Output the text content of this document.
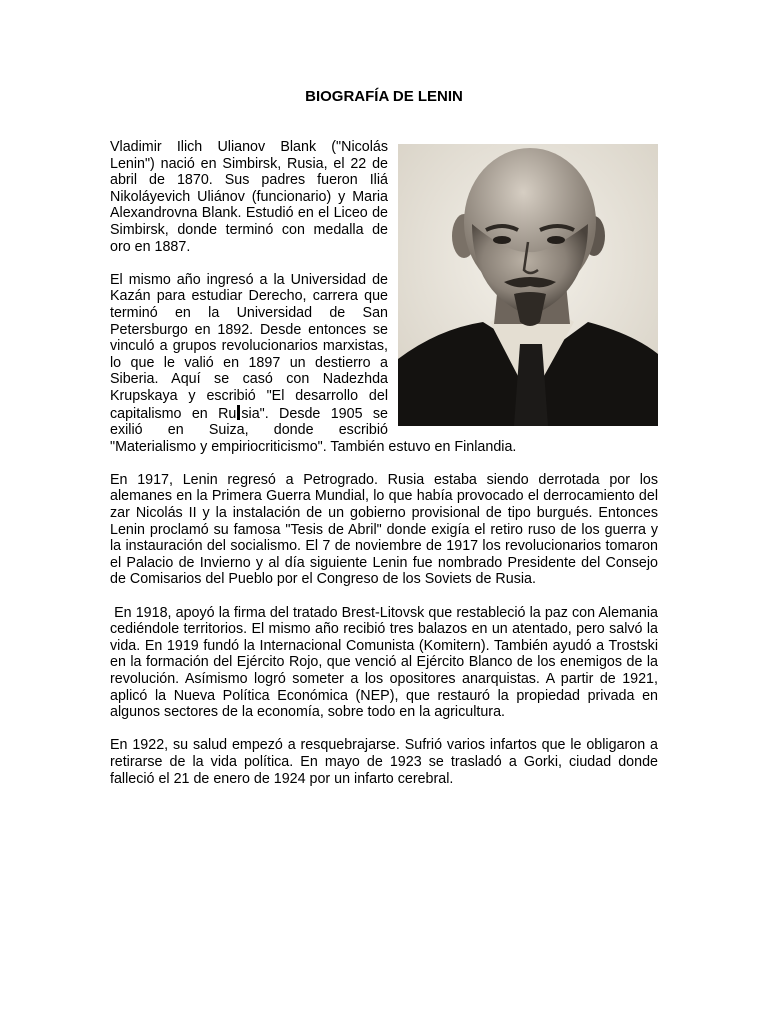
BIOGRAFÍA DE LENIN

Vladimir Ilich Ulianov Blank ("Nicolás Lenin") nació en Simbirsk, Rusia, el 22 de abril de 1870. Sus padres fueron Iliá Nikoláyevich Uliánov (funcionario) y Maria Alexandrovna Blank. Estudió en el Liceo de Simbirsk, donde terminó con medalla de oro en 1887.

El mismo año ingresó a la Universidad de Kazán para estudiar Derecho, carrera que terminó en la Universidad de San Petersburgo en 1892. Desde entonces se vinculó a grupos revolucionarios marxistas, lo que le valió en 1897 un destierro a Siberia. Aquí se casó con Nadezhda Krupskaya y escribió "El desarrollo del capitalismo en Ru sia". Desde 1905 se exilió en Suiza, donde escribió "Materialismo y empiriocriticismo". También estuvo en Finlandia.

En 1917, Lenin regresó a Petrogrado. Rusia estaba siendo derrotada por los alemanes en la Primera Guerra Mundial, lo que había provocado el derrocamiento del zar Nicolás II y la instalación de un gobierno provisional de tipo burgués. Entonces Lenin proclamó su famosa "Tesis de Abril" donde exigía el retiro ruso de los guerra y la instauración del socialismo. El 7 de noviembre de 1917 los revolucionarios tomaron el Palacio de Invierno y al día siguiente Lenin fue nombrado Presidente del Consejo de Comisarios del Pueblo por el Congreso de los Soviets de Rusia.

En 1918, apoyó la firma del tratado Brest-Litovsk que restableció la paz con Alemania cediéndole territorios. El mismo año recibió tres balazos en un atentado, pero salvó la vida. En 1919 fundó la Internacional Comunista (Komitern). También ayudó a Trostski en la formación del Ejército Rojo, que venció al Ejército Blanco de los enemigos de la revolución. Asímismo logró someter a los opositores anarquistas. A partir de 1921, aplicó la Nueva Política Económica (NEP), que restauró la propiedad privada en algunos sectores de la economía, sobre todo en la agricultura.

En 1922, su salud empezó a resquebrajarse. Sufrió varios infartos que le obligaron a retirarse de la vida política. En mayo de 1923 se trasladó a Gorki, ciudad donde falleció el 21 de enero de 1924 por un infarto cerebral.
